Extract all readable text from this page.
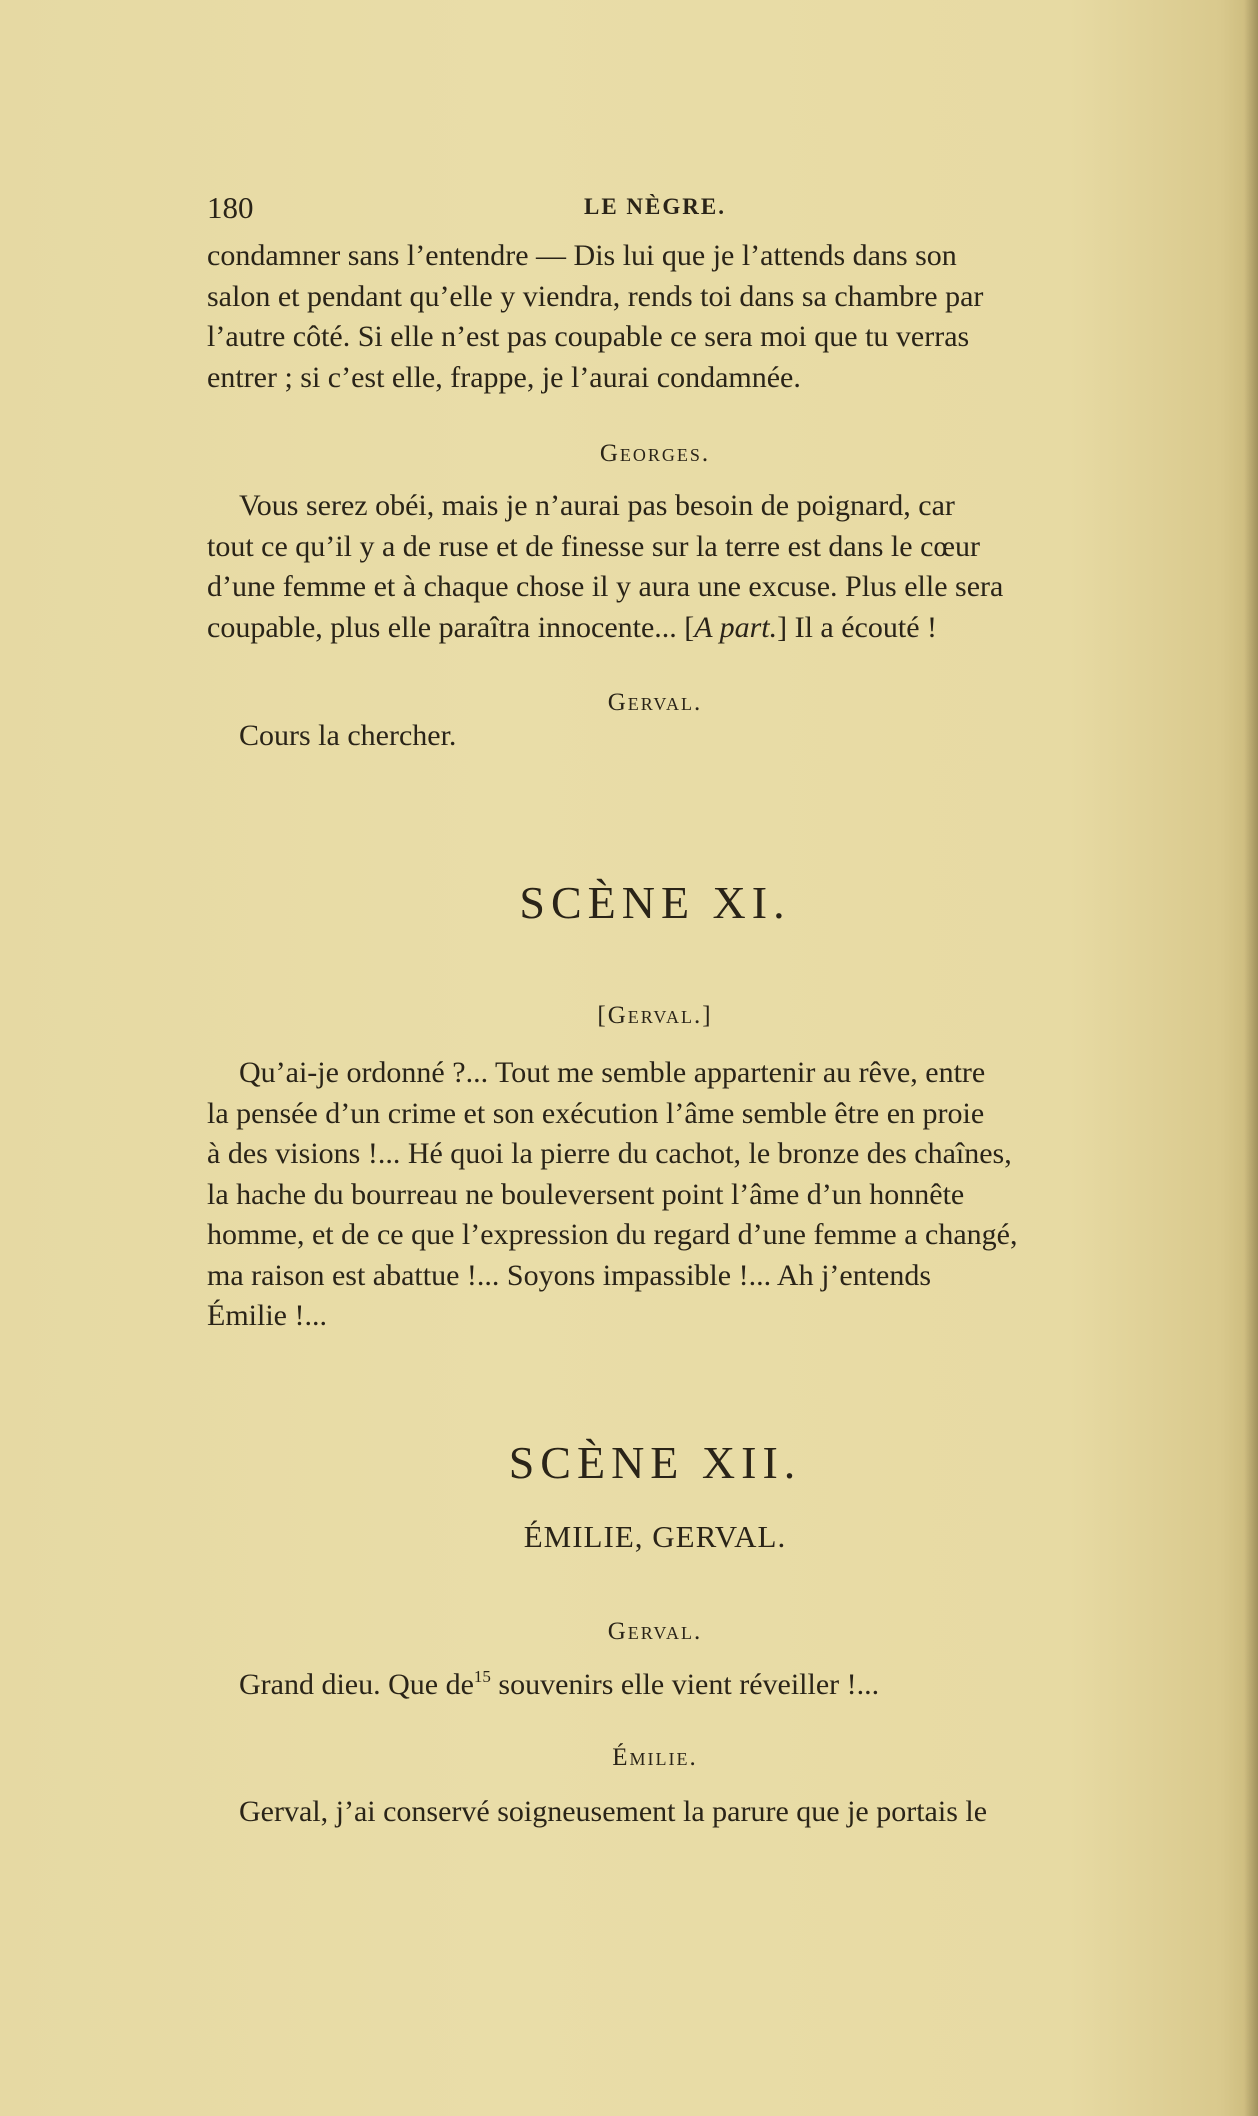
180	LE NÈGRE.

condamner sans l’entendre — Dis lui que je l’attends dans son

salon et pendant qu’elle y viendra, rends toi dans sa chambre par

l’autre côté. Si elle n’est pas coupable ce sera moi que tu verras

entrer ; si c’est elle, frappe, je l’aurai condamnée.

Georges.

Vous serez obéi, mais je n’aurai pas besoin de poignard, car

tout ce qu’il y a de ruse et de finesse sur la terre est dans le cœur

d’une femme et à chaque chose il y aura une excuse. Plus elle sera

coupable, plus elle paraîtra innocente... [A part.] Il a écouté !

Gerval.

Cours la chercher.

SCÈNE XI.
[Gerval.]

Qu’ai-je ordonné ?... Tout me semble appartenir au rêve, entre

la pensée d’un crime et son exécution l’âme semble être en proie

à des visions !... Hé quoi la pierre du cachot, le bronze des chaînes,

la hache du bourreau ne bouleversent point l’âme d’un honnête

homme, et de ce que l’expression du regard d’une femme a changé,

ma raison est abattue !... Soyons impassible !... Ah j’entends

Émilie !...

SCÈNE XII.
ÉMILIE, GERVAL.
Gerval.

Grand dieu. Que $de^{15}$ souvenirs elle vient réveiller !...

Émilie.

Gerval, j’ai conservé soigneusement la parure que je portais le
